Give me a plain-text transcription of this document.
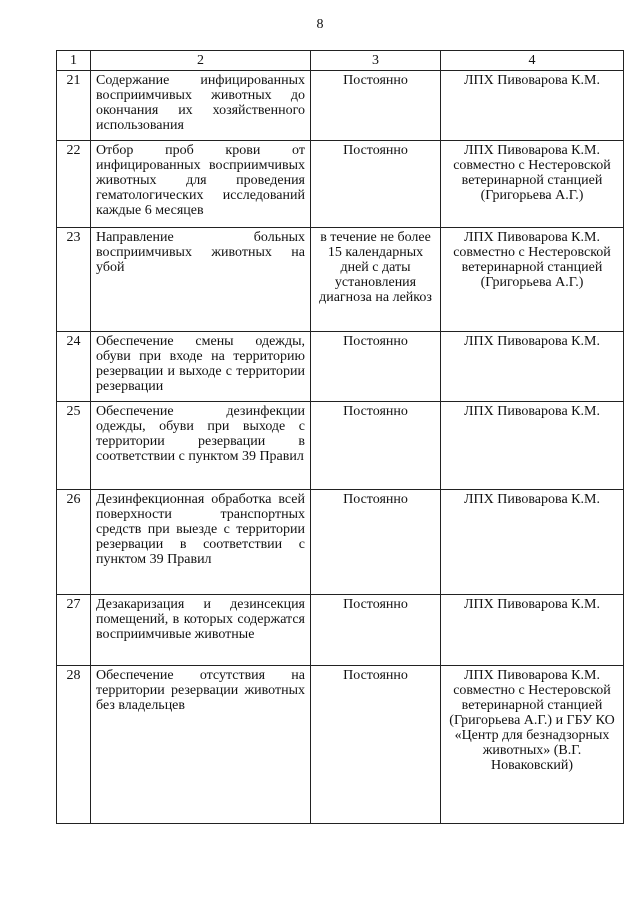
8
1	2	3	4
21	Содержание инфицированных восприимчивых животных до окончания их хозяйственного использования	Постоянно	ЛПХ Пивоварова К.М.
22	Отбор проб крови от инфицированных восприимчивых животных для проведения гематологических исследований каждые 6 месяцев	Постоянно	ЛПХ Пивоварова К.М. совместно с Нестеровской ветеринарной станцией (Григорьева А.Г.)
23	Направление больных восприимчивых животных на убой	в течение не более 15 календарных дней с даты установления диагноза на лейкоз	ЛПХ Пивоварова К.М. совместно с Нестеровской ветеринарной станцией (Григорьева А.Г.)
24	Обеспечение смены одежды, обуви при входе на территорию резервации и выходе с территории резервации	Постоянно	ЛПХ Пивоварова К.М.
25	Обеспечение дезинфекции одежды, обуви при выходе с территории резервации в соответствии с пунктом 39 Правил	Постоянно	ЛПХ Пивоварова К.М.
26	Дезинфекционная обработка всей поверхности транспортных средств при выезде с территории резервации в соответствии с пунктом 39 Правил	Постоянно	ЛПХ Пивоварова К.М.
27	Дезакаризация и дезинсекция помещений, в которых содержатся восприимчивые животные	Постоянно	ЛПХ Пивоварова К.М.
28	Обеспечение отсутствия на территории резервации животных без владельцев	Постоянно	ЛПХ Пивоварова К.М. совместно с Нестеровской ветеринарной станцией (Григорьева А.Г.) и ГБУ КО «Центр для безнадзорных животных» (В.Г. Новаковский)
